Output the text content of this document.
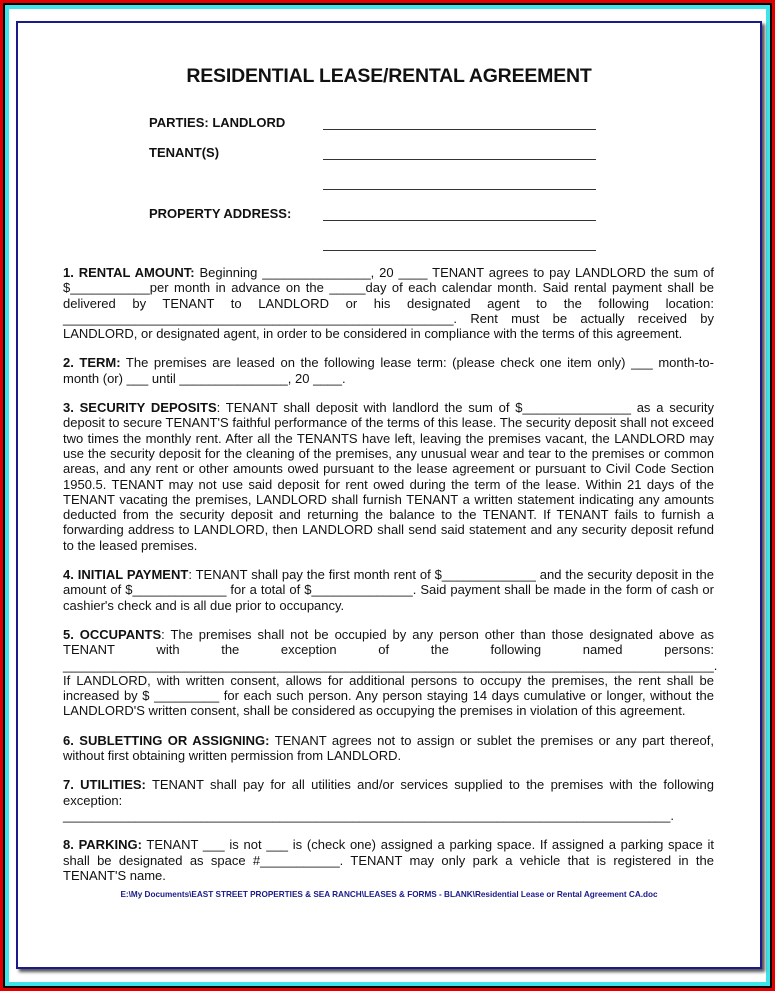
RESIDENTIAL LEASE/RENTAL AGREEMENT
PARTIES: LANDLORD
TENANT(S)
PROPERTY ADDRESS:

1. RENTAL AMOUNT: Beginning _______________, 20 ____ TENANT agrees to pay LANDLORD the sum of $___________per month in advance on the _____day of each calendar month. Said rental payment shall be delivered by TENANT to LANDLORD or his designated agent to the following location: ______________________________________________________. Rent must be actually received by LANDLORD, or designated agent, in order to be considered in compliance with the terms of this agreement.

2. TERM: The premises are leased on the following lease term: (please check one item only) ___ month-to-month (or) ___ until _______________, 20 ____.

3. SECURITY DEPOSITS: TENANT shall deposit with landlord the sum of $_______________ as a security deposit to secure TENANT'S faithful performance of the terms of this lease. The security deposit shall not exceed two times the monthly rent. After all the TENANTS have left, leaving the premises vacant, the LANDLORD may use the security deposit for the cleaning of the premises, any unusual wear and tear to the premises or common areas, and any rent or other amounts owed pursuant to the lease agreement or pursuant to Civil Code Section 1950.5. TENANT may not use said deposit for rent owed during the term of the lease. Within 21 days of the TENANT vacating the premises, LANDLORD shall furnish TENANT a written statement indicating any amounts deducted from the security deposit and returning the balance to the TENANT. If TENANT fails to furnish a forwarding address to LANDLORD, then LANDLORD shall send said statement and any security deposit refund to the leased premises.

4. INITIAL PAYMENT: TENANT shall pay the first month rent of $_____________ and the security deposit in the amount of $_____________ for a total of $______________. Said payment shall be made in the form of cash or cashier's check and is all due prior to occupancy.

5. OCCUPANTS: The premises shall not be occupied by any person other than those designated above as TENANT with the exception of the following named persons: __________________________________________________________________________________________. If LANDLORD, with written consent, allows for additional persons to occupy the premises, the rent shall be increased by $ _________ for each such person. Any person staying 14 days cumulative or longer, without the LANDLORD'S written consent, shall be considered as occupying the premises in violation of this agreement.

6. SUBLETTING OR ASSIGNING: TENANT agrees not to assign or sublet the premises or any part thereof, without first obtaining written permission from LANDLORD.

7. UTILITIES: TENANT shall pay for all utilities and/or services supplied to the premises with the following exception: ____________________________________________________________________________________.

8. PARKING: TENANT ___ is not ___ is (check one) assigned a parking space. If assigned a parking space it shall be designated as space #___________. TENANT may only park a vehicle that is registered in the TENANT'S name.

E:\My Documents\EAST STREET PROPERTIES & SEA RANCH\LEASES & FORMS - BLANK\Residential Lease or Rental Agreement CA.doc
